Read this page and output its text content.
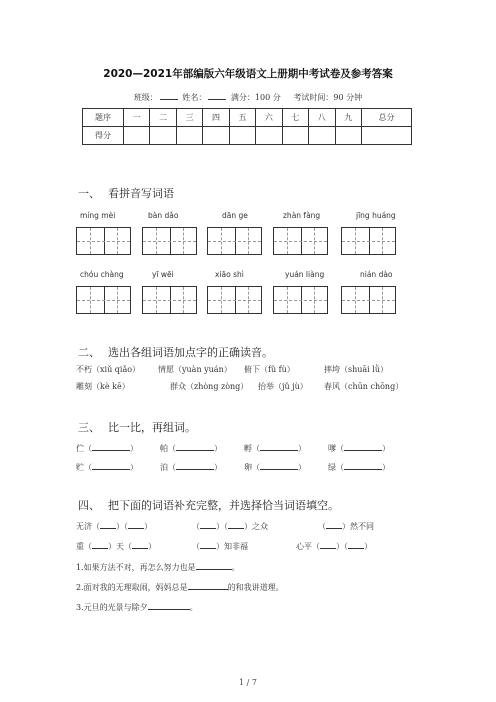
2020—2021年部编版六年级语文上册期中考试卷及参考答案
班级：	姓名：	满分：100 分 考试时间：90 分钟
题序	一	二	三	四	五	六	七	八	九	总分
得分										
一、 看拼音写词语
míng mèi	bàn dǎo	dān ge	zhàn fàng	jīng huáng
chóu chàng	yī wēi	xiāo shì	yuán liàng	nián dào
二、 选出各组词语加点字的正确读音。
不朽（xiǔ qiǎo） 情愿（yuàn yuán） 俯下（fǔ fù）	摔垮（shuāi lǜ）
雕刻（kè kē）	群众（zhòng zòng） 抬举（jǔ jù） 春风（chūn chōng）
三、 比一比，再组词。
伫（	）	帕（	）	孵（	）	嗲（	）
贮（	）	泊（	）	卵（	）	绿（	）
四、 把下面的词语补充完整，并选择恰当词语填空。
无济（ ）（ ）	（ ）（ ）之众	（ ）然不同
重（ ）天（ ）	（ ）知非福	心平（ ）（ ）
1.如果方法不对，再怎么努力也是	。
2.面对我的无理取闹，妈妈总是	的和我讲道理。
3.元旦的光景与除夕	。
1 / 7
